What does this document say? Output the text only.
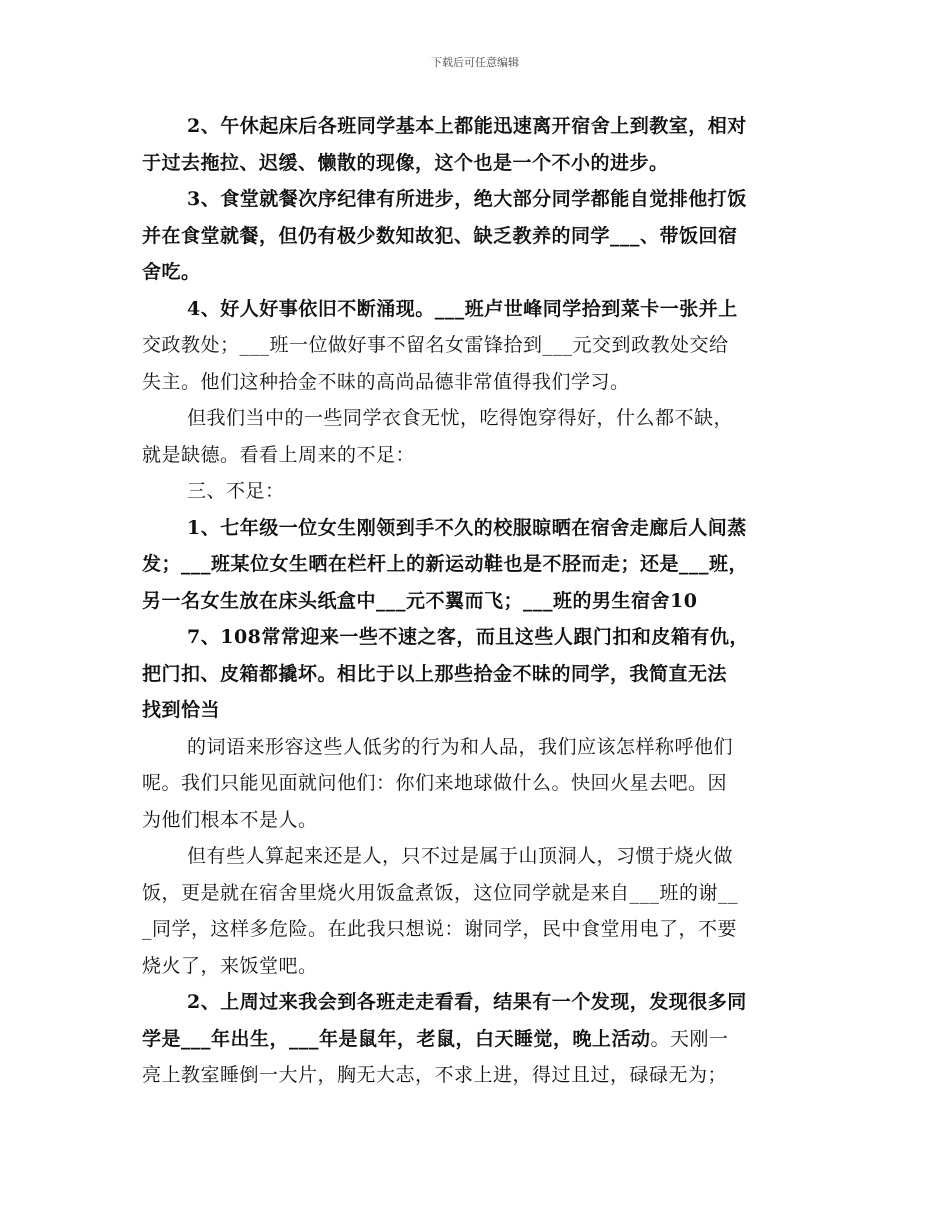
下载后可任意编辑
2、午休起床后各班同学基本上都能迅速离开宿舍上到教室，相对
于过去拖拉、迟缓、懒散的现像，这个也是一个不小的进步。
3、食堂就餐次序纪律有所进步，绝大部分同学都能自觉排他打饭
并在食堂就餐，但仍有极少数知故犯、缺乏教养的同学___、带饭回宿
舍吃。
4、好人好事依旧不断涌现。___班卢世峰同学拾到菜卡一张并上
交政教处；___班一位做好事不留名女雷锋拾到___元交到政教处交给
失主。他们这种拾金不昧的高尚品德非常值得我们学习。
但我们当中的一些同学衣食无忧，吃得饱穿得好，什么都不缺，
就是缺德。看看上周来的不足：
三、不足：
1、七年级一位女生刚领到手不久的校服晾晒在宿舍走廊后人间蒸
发；___班某位女生晒在栏杆上的新运动鞋也是不胫而走；还是___班，
另一名女生放在床头纸盒中___元不翼而飞；___班的男生宿舍10
7、108常常迎来一些不速之客，而且这些人跟门扣和皮箱有仇，
把门扣、皮箱都撬坏。相比于以上那些拾金不昧的同学，我简直无法
找到恰当
的词语来形容这些人低劣的行为和人品，我们应该怎样称呼他们
呢。我们只能见面就问他们：你们来地球做什么。快回火星去吧。因
为他们根本不是人。
但有些人算起来还是人，只不过是属于山顶洞人，习惯于烧火做
饭，更是就在宿舍里烧火用饭盒煮饭，这位同学就是来自___班的谢__
_同学，这样多危险。在此我只想说：谢同学，民中食堂用电了，不要
烧火了，来饭堂吧。
2、上周过来我会到各班走走看看，结果有一个发现，发现很多同
学是___年出生，___年是鼠年，老鼠，白天睡觉，晚上活动。天刚一
亮上教室睡倒一大片，胸无大志，不求上进，得过且过，碌碌无为；
